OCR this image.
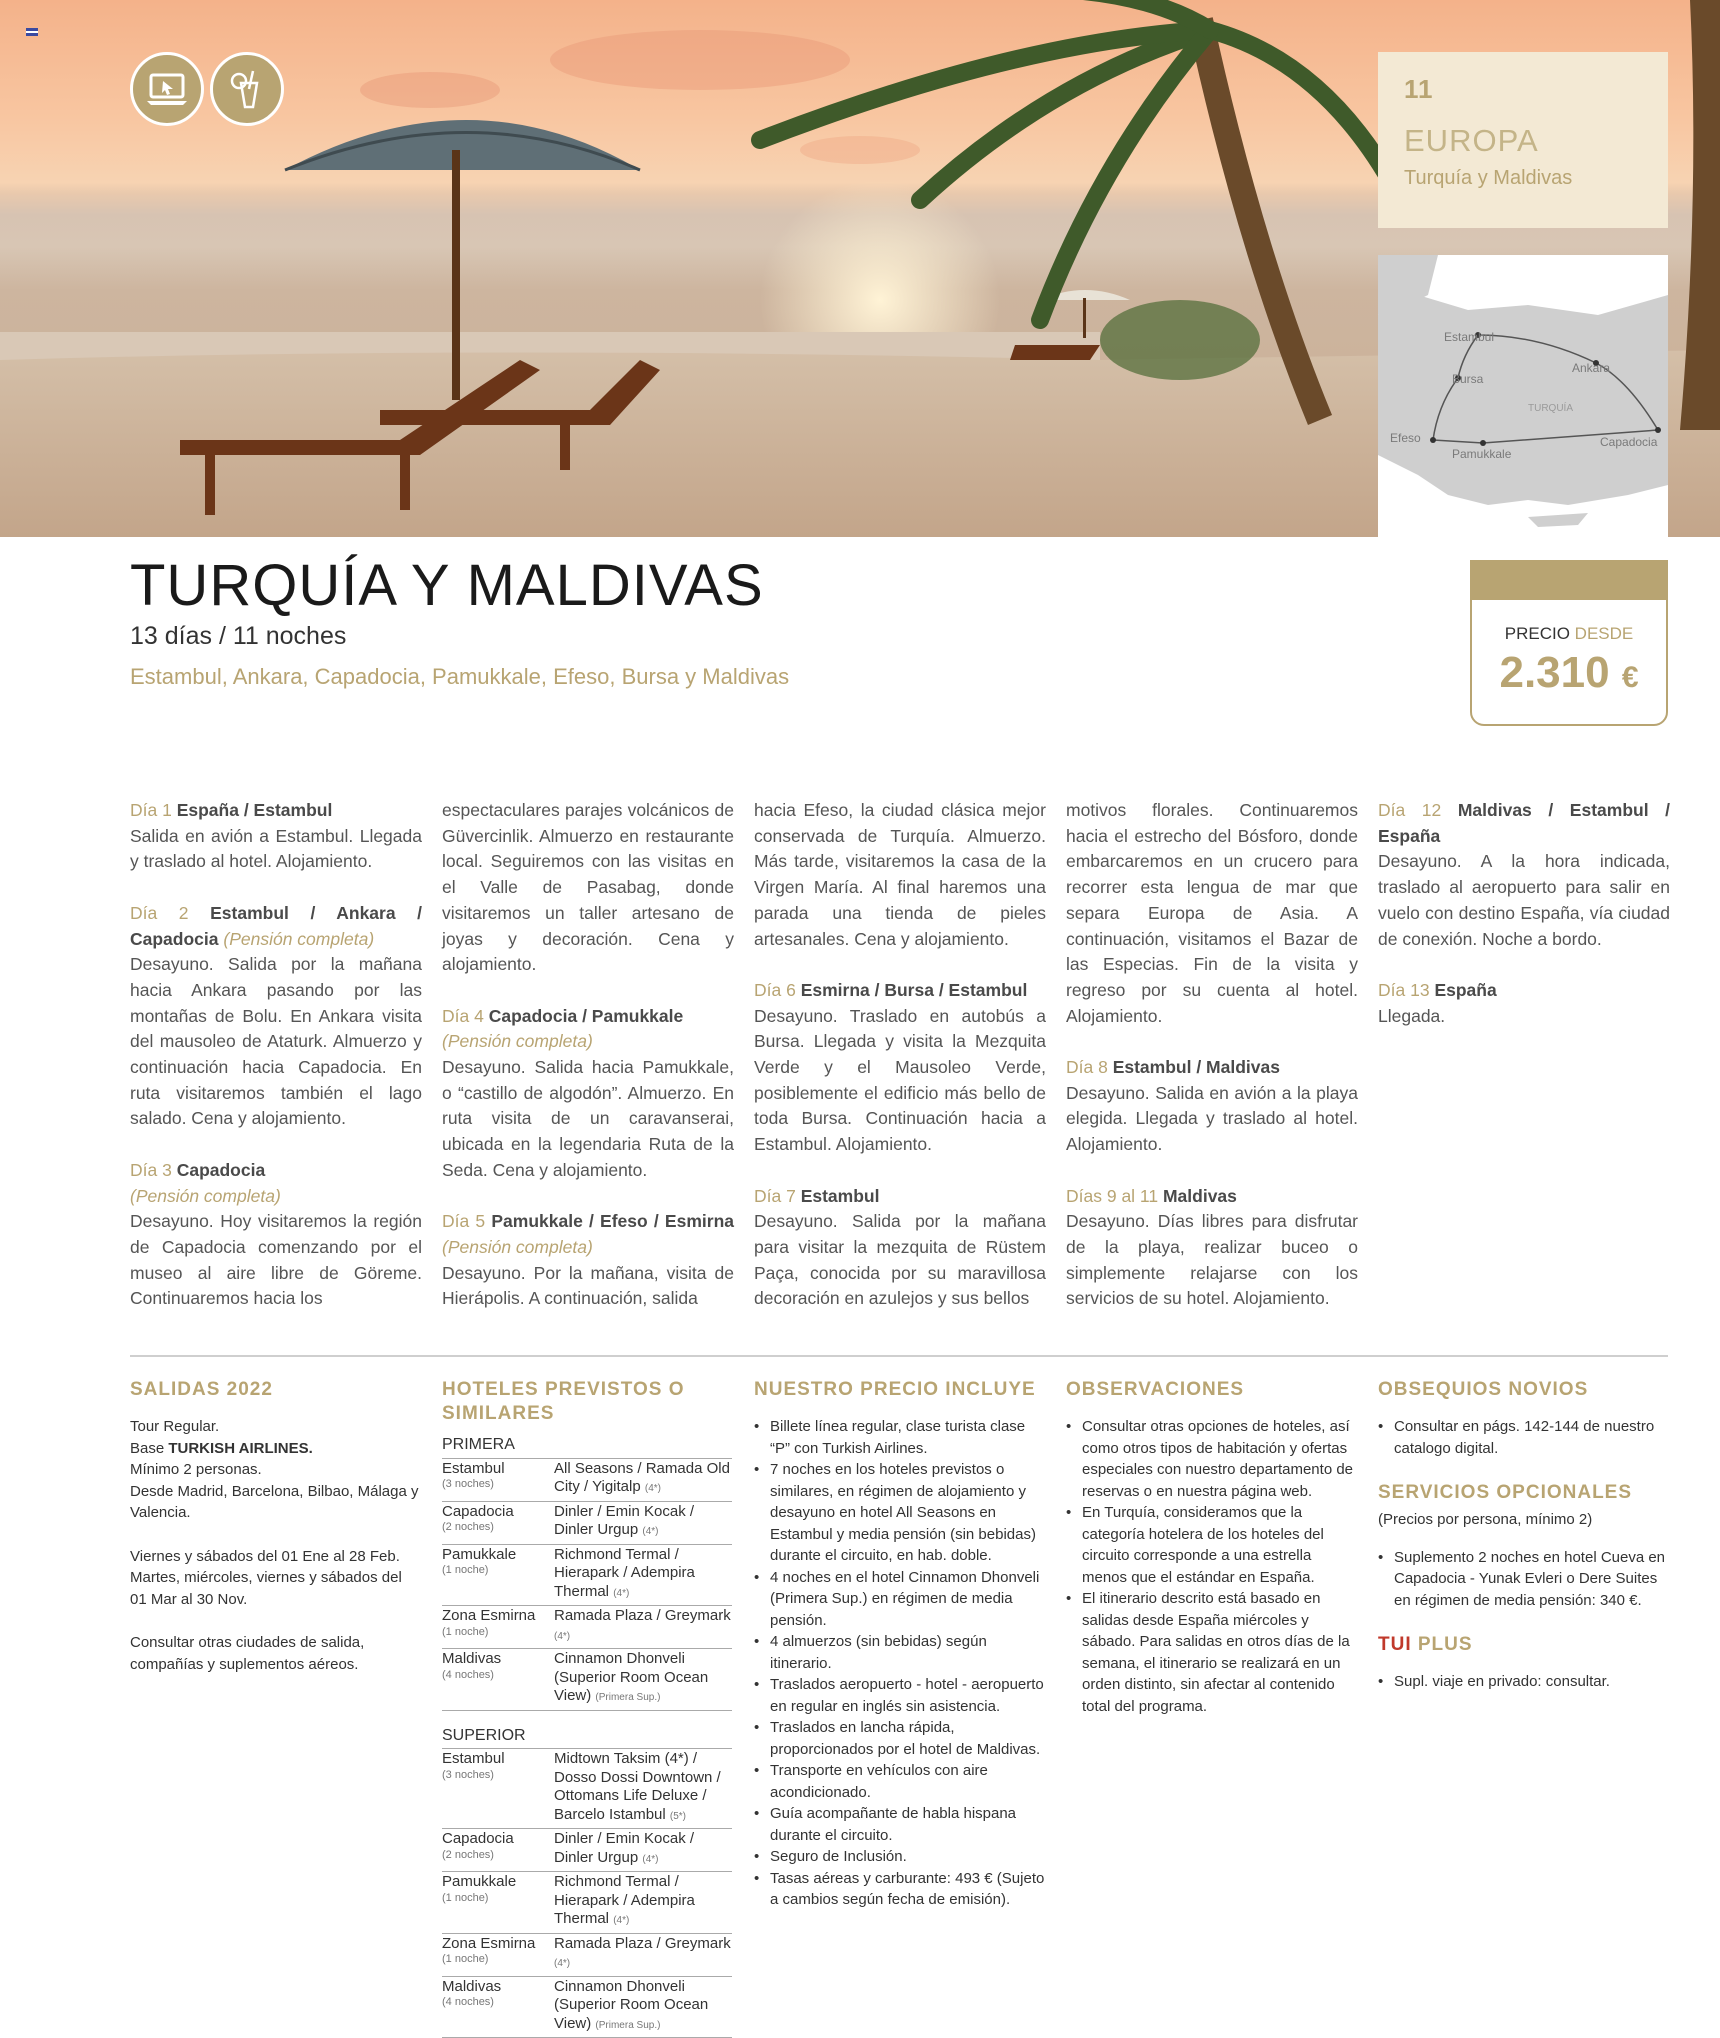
11
EUROPA
Turquía y Maldivas
Estambul
Bursa
Ankara
TURQUÍA
Efeso
Pamukkale
Capadocia
TURQUÍA Y MALDIVAS
13 días / 11 noches
Estambul, Ankara, Capadocia, Pamukkale, Efeso, Bursa y Maldivas
PRECIO DESDE
2.310 €
Día 1 España / Estambul
Salida en avión a Estambul. Llegada y traslado al hotel. Alojamiento.
Día 2 Estambul / Ankara / Capadocia (Pensión completa)
Desayuno. Salida por la mañana hacia Ankara pasando por las montañas de Bolu. En Ankara visita del mausoleo de Ataturk. Almuerzo y continuación hacia Capadocia. En ruta visitaremos también el lago salado. Cena y alojamiento.
Día 3 Capadocia
(Pensión completa)
Desayuno. Hoy visitaremos la región de Capadocia comenzando por el museo al aire libre de Göreme. Continuaremos hacia los
espectaculares parajes volcánicos de Güvercinlik. Almuerzo en restaurante local. Seguiremos con las visitas en el Valle de Pasabag, donde visitaremos un taller artesano de joyas y decoración. Cena y alojamiento.
Día 4 Capadocia / Pamukkale
(Pensión completa)
Desayuno. Salida hacia Pamukkale, o “castillo de algodón”. Almuerzo. En ruta visita de un caravanserai, ubicada en la legendaria Ruta de la Seda. Cena y alojamiento.
Día 5 Pamukkale / Efeso / Esmirna (Pensión completa)
Desayuno. Por la mañana, visita de Hierápolis. A continuación, salida
hacia Efeso, la ciudad clásica mejor conservada de Turquía. Almuerzo. Más tarde, visitaremos la casa de la Virgen María. Al final haremos una parada una tienda de pieles artesanales. Cena y alojamiento.
Día 6 Esmirna / Bursa / Estambul
Desayuno. Traslado en autobús a Bursa. Llegada y visita la Mezquita Verde y el Mausoleo Verde, posiblemente el edificio más bello de toda Bursa. Continuación hacia a Estambul. Alojamiento.
Día 7 Estambul
Desayuno. Salida por la mañana para visitar la mezquita de Rüstem Paça, conocida por su maravillosa decoración en azulejos y sus bellos
motivos florales. Continuaremos hacia el estrecho del Bósforo, donde embarcaremos en un crucero para recorrer esta lengua de mar que separa Europa de Asia. A continuación, visitamos el Bazar de las Especias. Fin de la visita y regreso por su cuenta al hotel. Alojamiento.
Día 8 Estambul / Maldivas
Desayuno. Salida en avión a la playa elegida. Llegada y traslado al hotel. Alojamiento.
Días 9 al 11 Maldivas
Desayuno. Días libres para disfrutar de la playa, realizar buceo o simplemente relajarse con los servicios de su hotel. Alojamiento.
Día 12 Maldivas / Estambul / España
Desayuno. A la hora indicada, traslado al aeropuerto para salir en vuelo con destino España, vía ciudad de conexión. Noche a bordo.
Día 13 España
Llegada.
SALIDAS 2022
Tour Regular.
Base TURKISH AIRLINES.
Mínimo 2 personas.
Desde Madrid, Barcelona, Bilbao, Málaga y Valencia.
Viernes y sábados del 01 Ene al 28 Feb. Martes, miércoles, viernes y sábados del 01 Mar al 30 Nov.
Consultar otras ciudades de salida, compañías y suplementos aéreos.
HOTELES PREVISTOS O SIMILARES
PRIMERA
Estambul
(3 noches)
All Seasons / Ramada Old City / Yigitalp (4*)
Capadocia
(2 noches)
Dinler / Emin Kocak / Dinler Urgup (4*)
Pamukkale
(1 noche)
Richmond Termal / Hierapark / Adempira Thermal (4*)
Zona Esmirna
(1 noche)
Ramada Plaza / Greymark (4*)
Maldivas
(4 noches)
Cinnamon Dhonveli (Superior Room Ocean View) (Primera Sup.)
SUPERIOR
Estambul
(3 noches)
Midtown Taksim (4*) / Dosso Dossi Downtown / Ottomans Life Deluxe / Barcelo Istambul (5*)
Capadocia
(2 noches)
Dinler / Emin Kocak / Dinler Urgup (4*)
Pamukkale
(1 noche)
Richmond Termal / Hierapark / Adempira Thermal (4*)
Zona Esmirna
(1 noche)
Ramada Plaza / Greymark (4*)
Maldivas
(4 noches)
Cinnamon Dhonveli (Superior Room Ocean View) (Primera Sup.)
NUESTRO PRECIO INCLUYE
• Billete línea regular, clase turista clase “P” con Turkish Airlines.
• 7 noches en los hoteles previstos o similares, en régimen de alojamiento y desayuno en hotel All Seasons en Estambul y media pensión (sin bebidas) durante el circuito, en hab. doble.
• 4 noches en el hotel Cinnamon Dhonveli (Primera Sup.) en régimen de media pensión.
• 4 almuerzos (sin bebidas) según itinerario.
• Traslados aeropuerto - hotel - aeropuerto en regular en inglés sin asistencia.
• Traslados en lancha rápida, proporcionados por el hotel de Maldivas.
• Transporte en vehículos con aire acondicionado.
• Guía acompañante de habla hispana durante el circuito.
• Seguro de Inclusión.
• Tasas aéreas y carburante: 493 € (Sujeto a cambios según fecha de emisión).
OBSERVACIONES
• Consultar otras opciones de hoteles, así como otros tipos de habitación y ofertas especiales con nuestro departamento de reservas o en nuestra página web.
• En Turquía, consideramos que la categoría hotelera de los hoteles del circuito corresponde a una estrella menos que el estándar en España.
• El itinerario descrito está basado en salidas desde España miércoles y sábado. Para salidas en otros días de la semana, el itinerario se realizará en un orden distinto, sin afectar al contenido total del programa.
OBSEQUIOS NOVIOS
• Consultar en págs. 142-144 de nuestro catalogo digital.
SERVICIOS OPCIONALES
(Precios por persona, mínimo 2)
• Suplemento 2 noches en hotel Cueva en Capadocia - Yunak Evleri o Dere Suites en régimen de media pensión: 340 €.
TUI PLUS
• Supl. viaje en privado: consultar.
